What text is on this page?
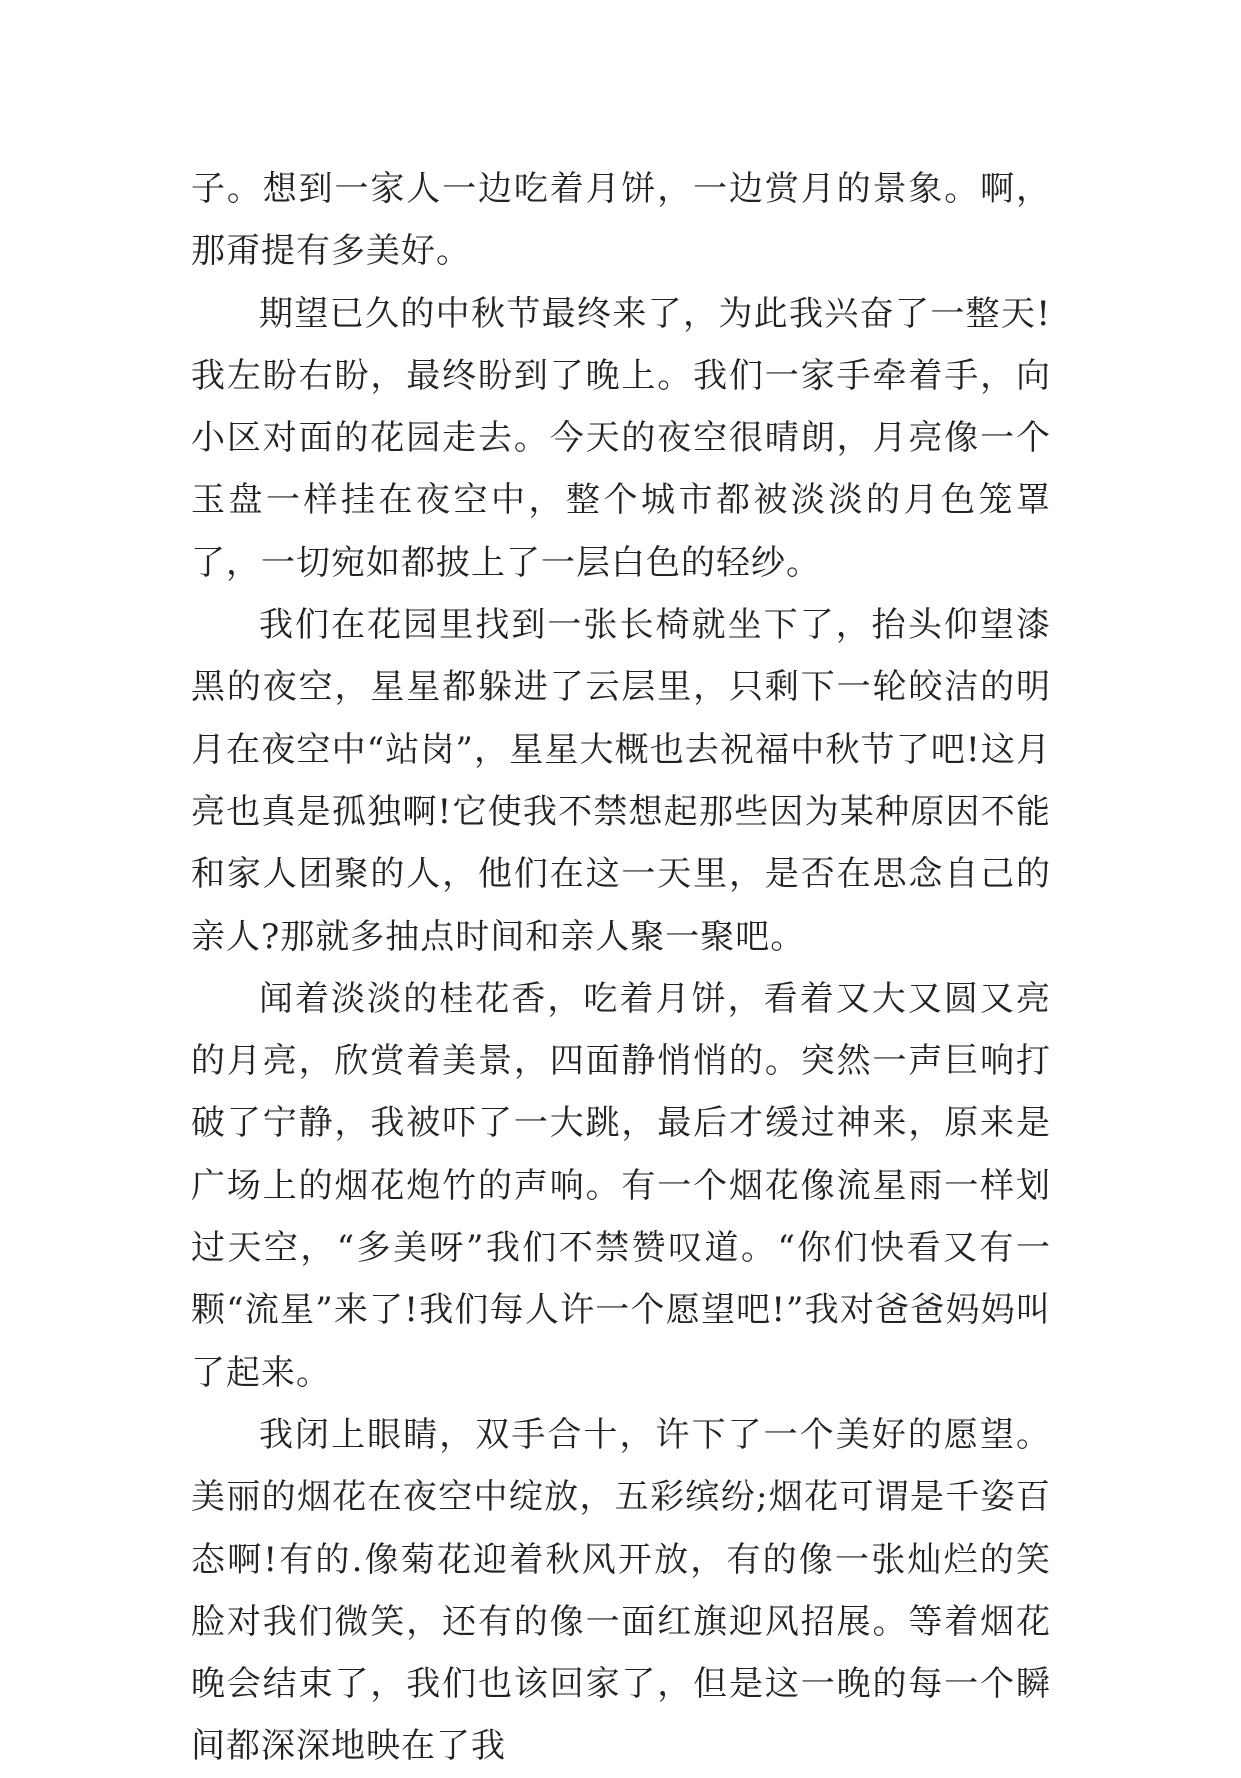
子。想到一家人一边吃着月饼，一边赏月的景象。啊，那甭提有多美好。

期望已久的中秋节最终来了，为此我兴奋了一整天!我左盼右盼，最终盼到了晚上。我们一家手牵着手，向小区对面的花园走去。今天的夜空很晴朗，月亮像一个玉盘一样挂在夜空中，整个城市都被淡淡的月色笼罩了，一切宛如都披上了一层白色的轻纱。

我们在花园里找到一张长椅就坐下了，抬头仰望漆黑的夜空，星星都躲进了云层里，只剩下一轮皎洁的明月在夜空中“站岗”，星星大概也去祝福中秋节了吧!这月亮也真是孤独啊!它使我不禁想起那些因为某种原因不能和家人团聚的人，他们在这一天里，是否在思念自己的亲人?那就多抽点时间和亲人聚一聚吧。

闻着淡淡的桂花香，吃着月饼，看着又大又圆又亮的月亮，欣赏着美景，四面静悄悄的。突然一声巨响打破了宁静，我被吓了一大跳，最后才缓过神来，原来是广场上的烟花炮竹的声响。有一个烟花像流星雨一样划过天空，“多美呀”我们不禁赞叹道。“你们快看又有一颗“流星”来了!我们每人许一个愿望吧!”我对爸爸妈妈叫了起来。

我闭上眼睛，双手合十，许下了一个美好的愿望。美丽的烟花在夜空中绽放，五彩缤纷;烟花可谓是千姿百态啊!有的.像菊花迎着秋风开放，有的像一张灿烂的笑脸对我们微笑，还有的像一面红旗迎风招展。等着烟花晚会结束了，我们也该回家了，但是这一晚的每一个瞬间都深深地映在了我
